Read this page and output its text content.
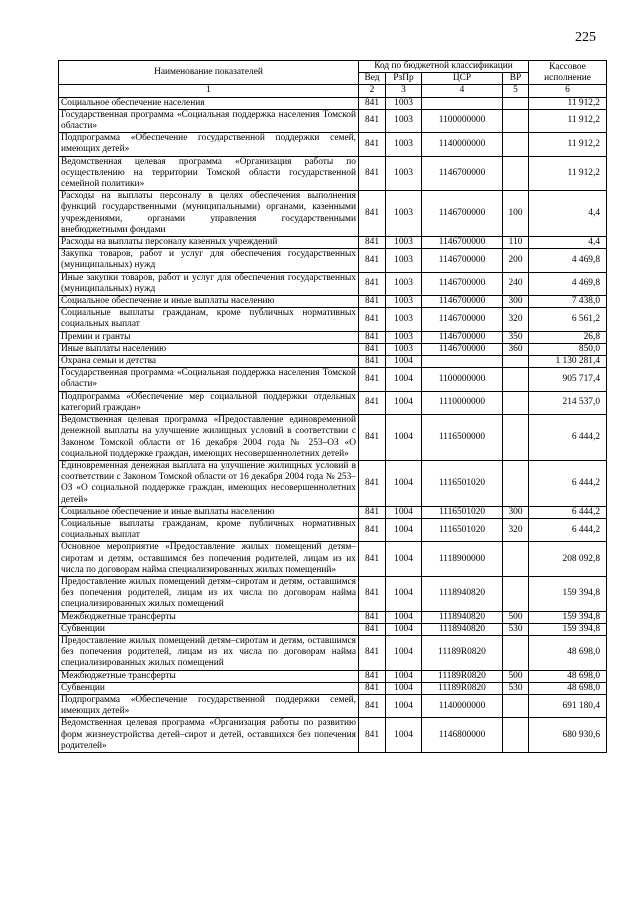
225
Наименование показателей	Код по бюджетной классификации				Кассовое исполнение
	Вед	РзПр	ЦСР	ВР	
1	2	3	4	5	6
Социальное обеспечение населения	841	1003			11 912,2
Государственная программа «Социальная поддержка населения Томской области»	841	1003	1100000000		11 912,2
Подпрограмма «Обеспечение государственной поддержки семей, имеющих детей»	841	1003	1140000000		11 912,2
Ведомственная целевая программа «Организация работы по осуществлению на территории Томской области государственной семейной политики»	841	1003	1146700000		11 912,2
Расходы на выплаты персоналу в целях обеспечения выполнения функций государственными (муниципальными) органами, казенными учреждениями, органами управления государственными внебюджетными фондами	841	1003	1146700000	100	4,4
Расходы на выплаты персоналу казенных учреждений	841	1003	1146700000	110	4,4
Закупка товаров, работ и услуг для обеспечения государственных (муниципальных) нужд	841	1003	1146700000	200	4 469,8
Иные закупки товаров, работ и услуг для обеспечения государственных (муниципальных) нужд	841	1003	1146700000	240	4 469,8
Социальное обеспечение и иные выплаты населению	841	1003	1146700000	300	7 438,0
Социальные выплаты гражданам, кроме публичных нормативных социальных выплат	841	1003	1146700000	320	6 561,2
Премии и гранты	841	1003	1146700000	350	26,8
Иные выплаты населению	841	1003	1146700000	360	850,0
Охрана семьи и детства	841	1004			1 130 281,4
Государственная программа «Социальная поддержка населения Томской области»	841	1004	1100000000		905 717,4
Подпрограмма «Обеспечение мер социальной поддержки отдельных категорий граждан»	841	1004	1110000000		214 537,0
Ведомственная целевая программа «Предоставление единовременной денежной выплаты на улучшение жилищных условий в соответствии с Законом Томской области от 16 декабря 2004 года № 253–ОЗ «О социальной поддержке граждан, имеющих несовершеннолетних детей»	841	1004	1116500000		6 444,2
Единовременная денежная выплата на улучшение жилищных условий в соответствии с Законом Томской области от 16 декабря 2004 года № 253–ОЗ «О социальной поддержке граждан, имеющих несовершеннолетних детей»	841	1004	1116501020		6 444,2
Социальное обеспечение и иные выплаты населению	841	1004	1116501020	300	6 444,2
Социальные выплаты гражданам, кроме публичных нормативных социальных выплат	841	1004	1116501020	320	6 444,2
Основное мероприятие «Предоставление жилых помещений детям–сиротам и детям, оставшимся без попечения родителей, лицам из их числа по договорам найма специализированных жилых помещений»	841	1004	1118900000		208 092,8
Предоставление жилых помещений детям–сиротам и детям, оставшимся без попечения родителей, лицам из их числа по договорам найма специализированных жилых помещений	841	1004	1118940820		159 394,8
Межбюджетные трансферты	841	1004	1118940820	500	159 394,8
Субвенции	841	1004	1118940820	530	159 394,8
Предоставление жилых помещений детям–сиротам и детям, оставшимся без попечения родителей, лицам из их числа по договорам найма специализированных жилых помещений	841	1004	11189R0820		48 698,0
Межбюджетные трансферты	841	1004	11189R0820	500	48 698,0
Субвенции	841	1004	11189R0820	530	48 698,0
Подпрограмма «Обеспечение государственной поддержки семей, имеющих детей»	841	1004	1140000000		691 180,4
Ведомственная целевая программа «Организация работы по развитию форм жизнеустройства детей–сирот и детей, оставшихся без попечения родителей»	841	1004	1146800000		680 930,6
